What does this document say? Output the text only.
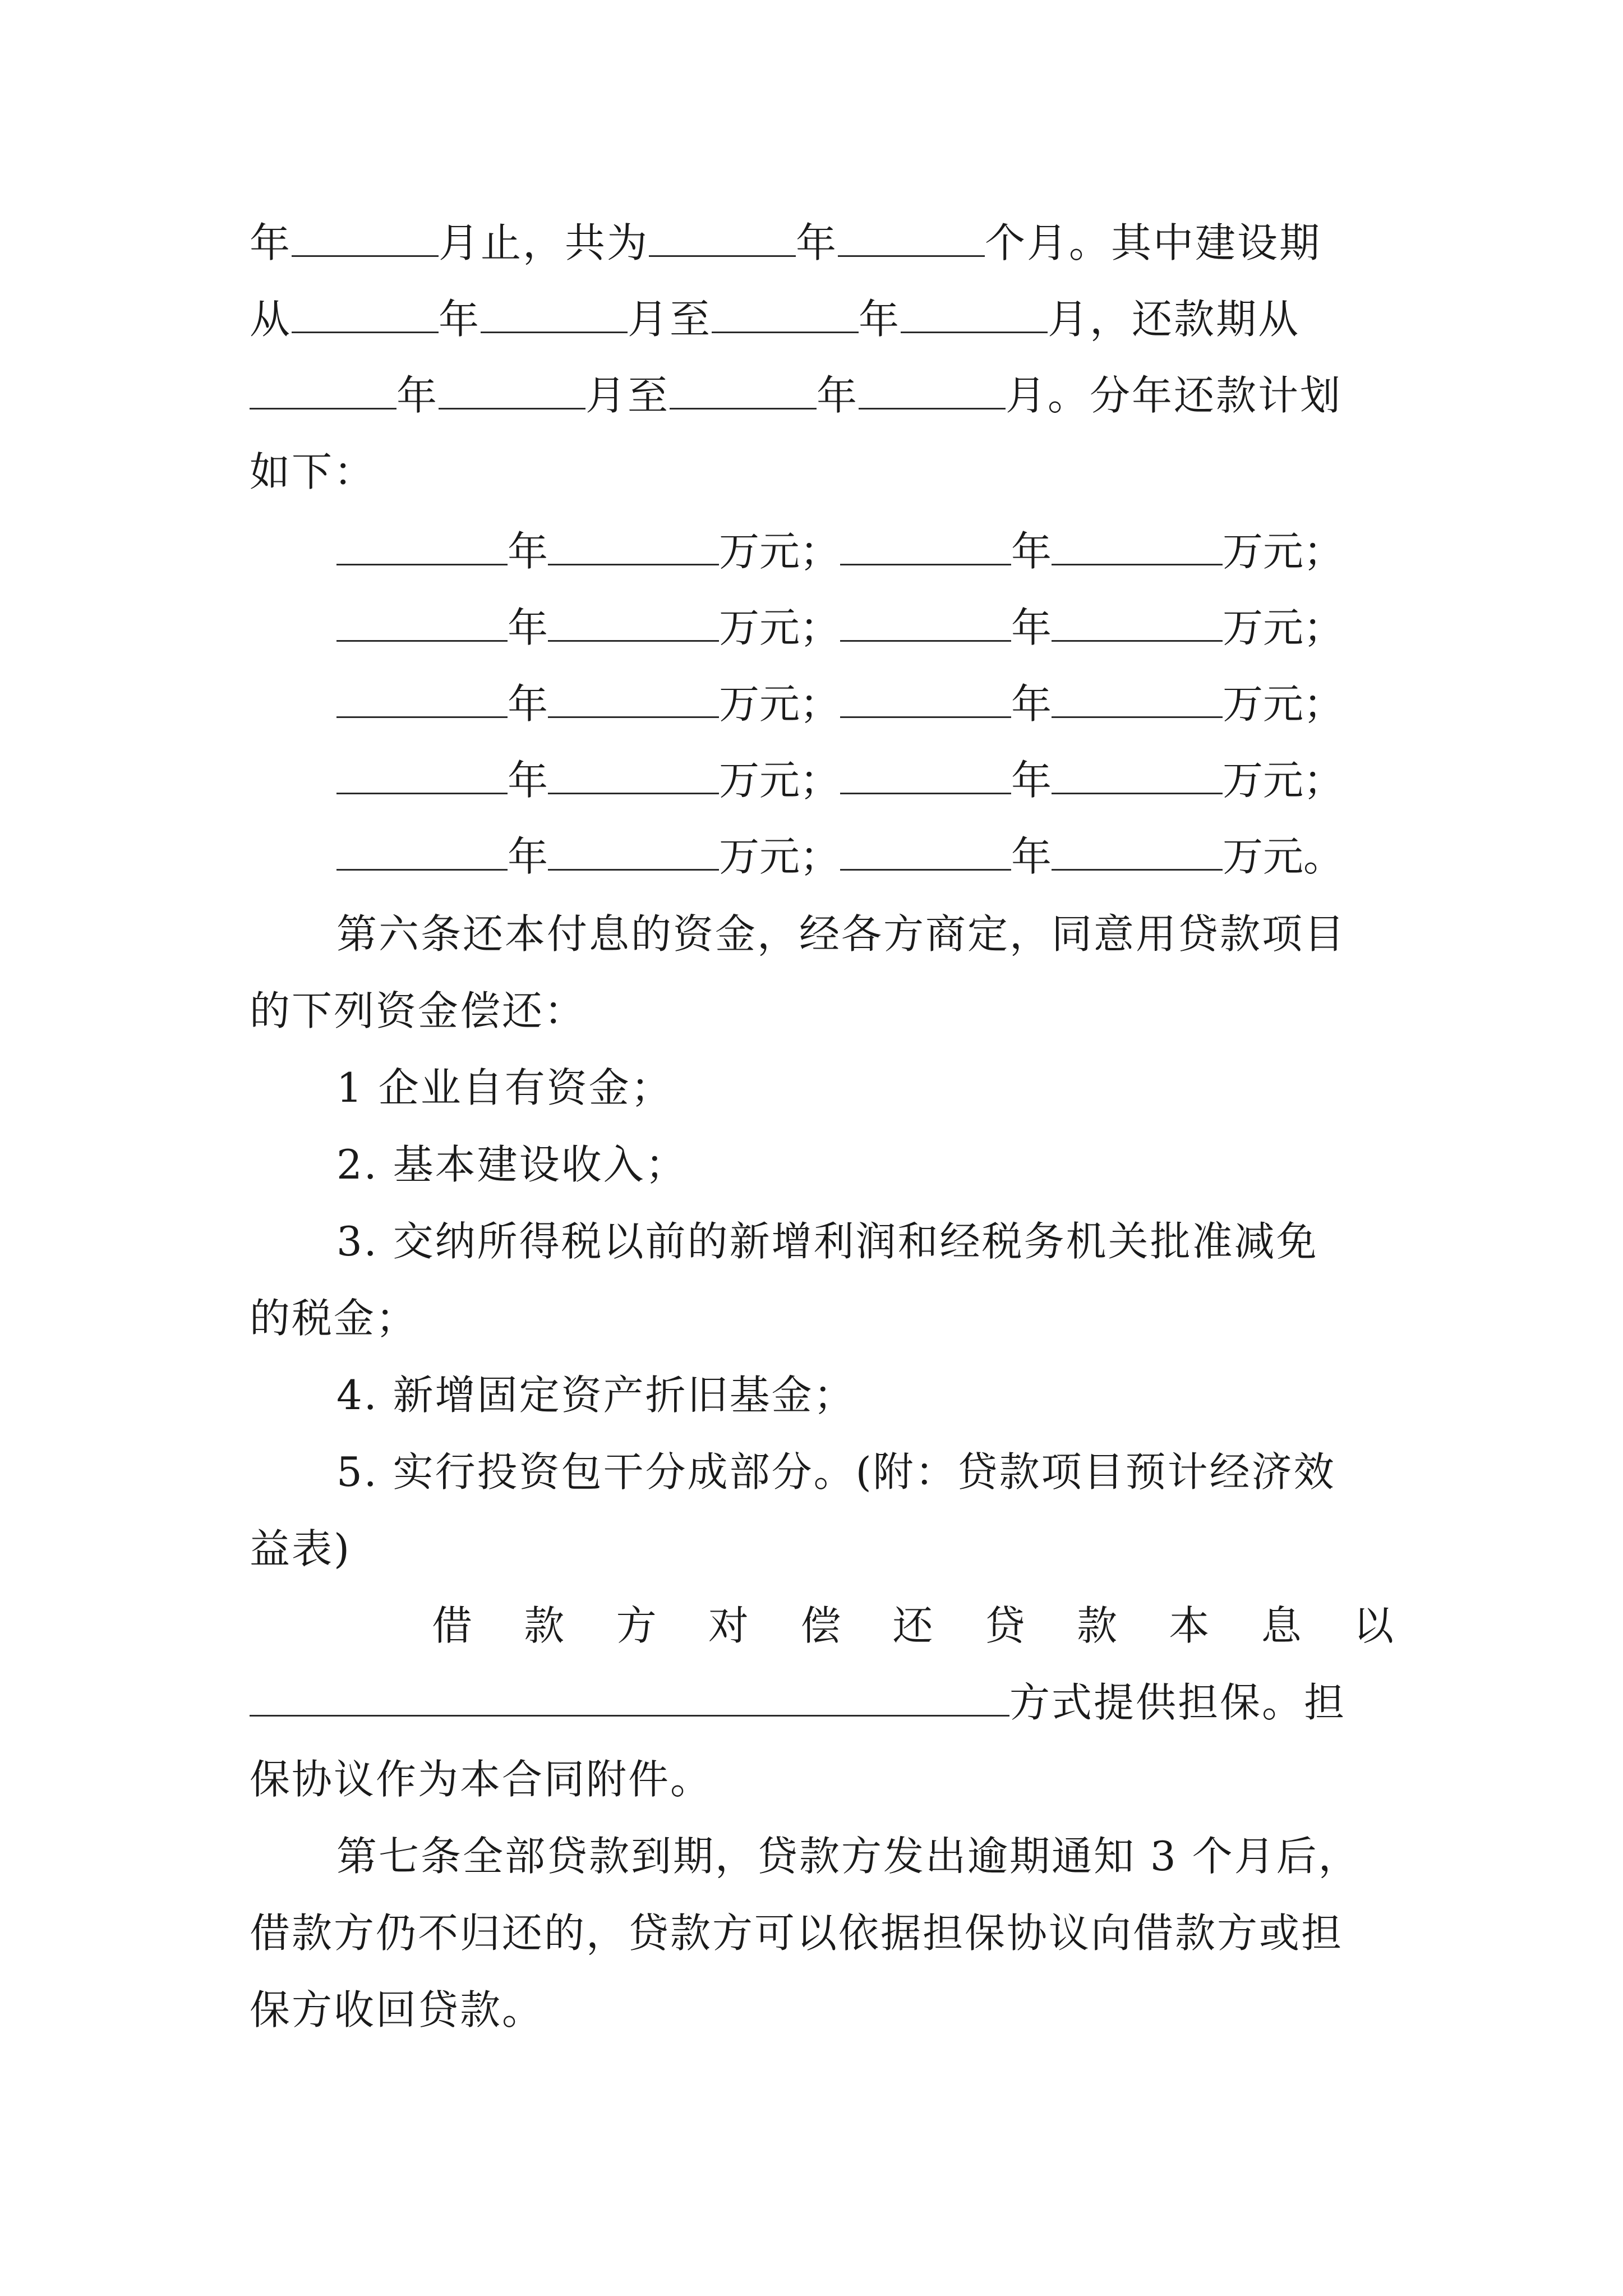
年	月止，共为	年	个月。其中建设期
从	年	月至	年	月，还款期从
年	月至	年	月。分年还款计划
如下：
年	万元；	年	万元；
年	万元；	年	万元；
年	万元；	年	万元；
年	万元；	年	万元；
年	万元；	年	万元。
第六条还本付息的资金，经各方商定，同意用贷款项目
的下列资金偿还：
1 企业自有资金；
2. 基本建设收入；
3. 交纳所得税以前的新增利润和经税务机关批准减免
的税金；
4. 新增固定资产折旧基金；
5. 实行投资包干分成部分。(附：贷款项目预计经济效
益表)
借 款 方 对 偿 还 贷 款 本 息 以
方式提供担保。担
保协议作为本合同附件。
第七条全部贷款到期，贷款方发出逾期通知 3 个月后，
借款方仍不归还的，贷款方可以依据担保协议向借款方或担
保方收回贷款。
